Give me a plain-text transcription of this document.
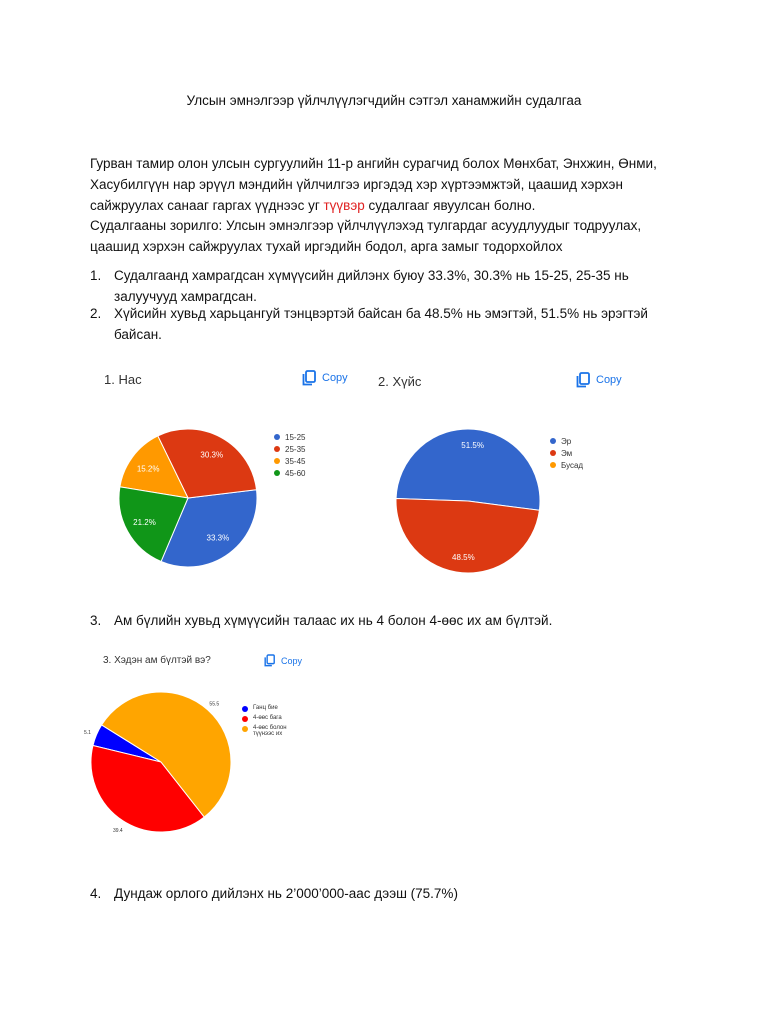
Улсын эмнэлгээр үйлчлүүлэгчдийн сэтгэл ханамжийн судалгаа
Гурван тамир олон улсын сургуулийн 11-р ангийн сурагчид болох Мөнхбат, Энхжин, Өнми, Хасубилгүүн нар эрүүл мэндийн үйлчилгээ иргэдэд хэр хүртээмжтэй, цаашид хэрхэн сайжруулах санааг гаргах үүднээс уг түүвэр судалгааг явуулсан болно.
Судалгааны зорилго: Улсын эмнэлгээр үйлчлүүлэхэд тулгардаг асуудлуудыг тодруулах, цаашид хэрхэн сайжруулах тухай иргэдийн бодол, арга замыг тодорхойлох
1. Судалгаанд хамрагдсан хүмүүсийн дийлэнх буюу 33.3%, 30.3% нь 15-25, 25-35 нь залуучууд хамрагдсан.
2. Хүйсийн хувьд харьцангуй тэнцвэртэй байсан ба 48.5% нь эмэгтэй, 51.5% нь эрэгтэй байсан.
1. Нас	Copy
33.3%
30.3%
15.2%
21.2%
15-25
25-35
35-45
45-60
2. Хүйс	Copy
51.5%
48.5%
Эр
Эм
Бусад
3. Ам бүлийн хувьд хүмүүсийн талаас их нь 4 болон 4-өөс их ам бүлтэй.
3. Хэдэн ам бүлтэй вэ?	Copy
5.1
39.4
55.5
Ганц бие
4-өөс бага
4-өөс болон түүнээс их
4. Дундаж орлого дийлэнх нь 2’000’000-аас дээш (75.7%)
